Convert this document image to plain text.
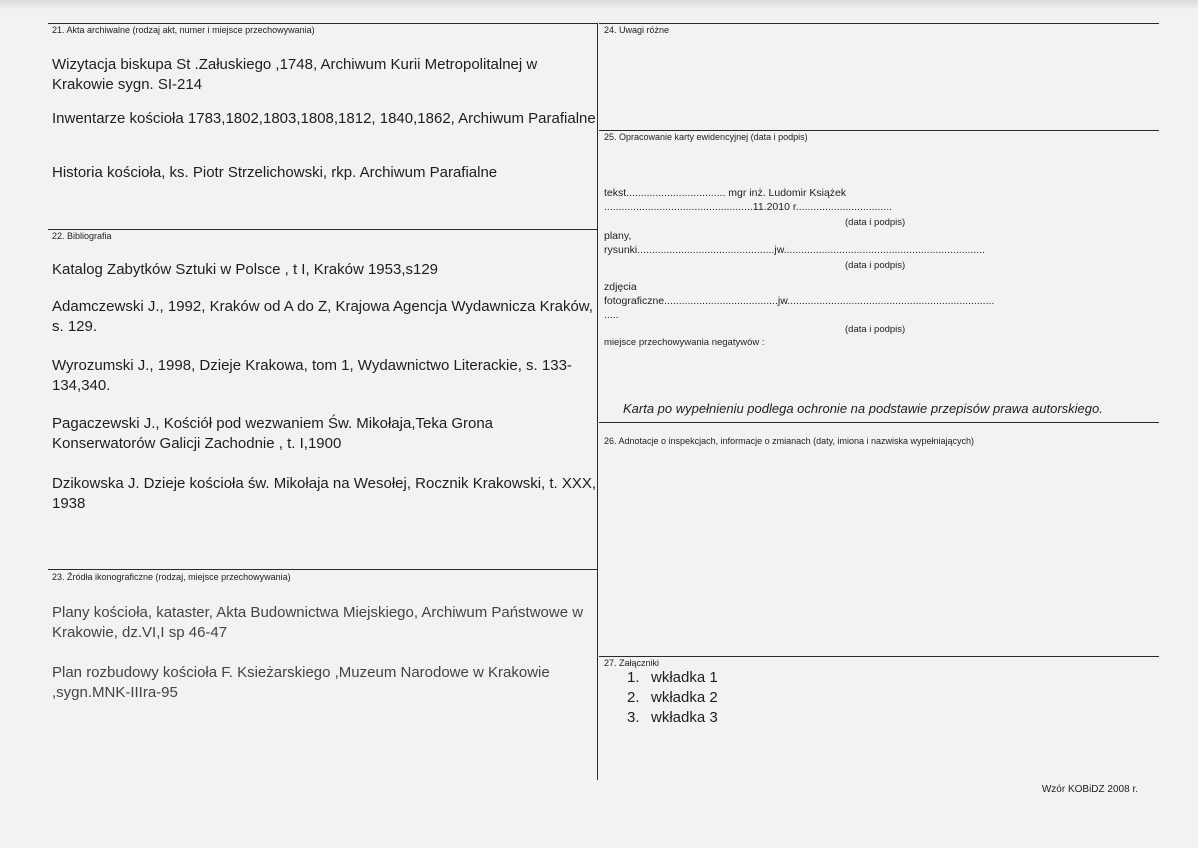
21. Akta archiwalne (rodzaj akt, numer i miejsce przechowywania)
Wizytacja biskupa St .Załuskiego ,1748, Archiwum Kurii Metropolitalnej w Krakowie sygn. SI-214
Inwentarze kościoła 1783,1802,1803,1808,1812, 1840,1862, Archiwum Parafialne
Historia kościoła, ks. Piotr Strzelichowski, rkp. Archiwum Parafialne
22. Bibliografia
Katalog Zabytków Sztuki w Polsce , t I, Kraków 1953,s129
Adamczewski J., 1992, Kraków od A do Z, Krajowa Agencja Wydawnicza Kraków, s. 129.
Wyrozumski J., 1998, Dzieje Krakowa, tom 1, Wydawnictwo Literackie, s. 133-134,340.
Pagaczewski J., Kościół pod wezwaniem Św. Mikołaja,Teka Grona Konserwatorów Galicji Zachodnie , t. I,1900
Dzikowska J. Dzieje kościoła św. Mikołaja na Wesołej, Rocznik Krakowski, t. XXX, 1938
23. Źródła ikonograficzne (rodzaj, miejsce przechowywania)
Plany kościoła, kataster, Akta Budownictwa Miejskiego, Archiwum Państwowe w Krakowie, dz.VI,I sp 46-47
Plan rozbudowy kościoła F. Ksieżarskiego ,Muzeum Narodowe w Krakowie ,sygn.MNK-IIIra-95
24. Uwagi różne
25. Opracowanie karty ewidencyjnej (data i podpis)
tekst.................................. mgr inż. Ludomir Książek
...................................................11.2010 r.................................
(data i podpis)
plany,
rysunki...............................................jw.....................................................................
(data i podpis)
zdjęcia
fotograficzne.......................................jw.......................................................................
.....
(data i podpis)
miejsce przechowywania negatywów :
Karta po wypełnieniu podlega ochronie na podstawie przepisów prawa autorskiego.
26. Adnotacje o inspekcjach, informacje o zmianach (daty, imiona i nazwiska wypełniających)
27. Załączniki
1. wkładka 1
2. wkładka 2
3. wkładka 3
Wzór KOBiDZ 2008 r.
